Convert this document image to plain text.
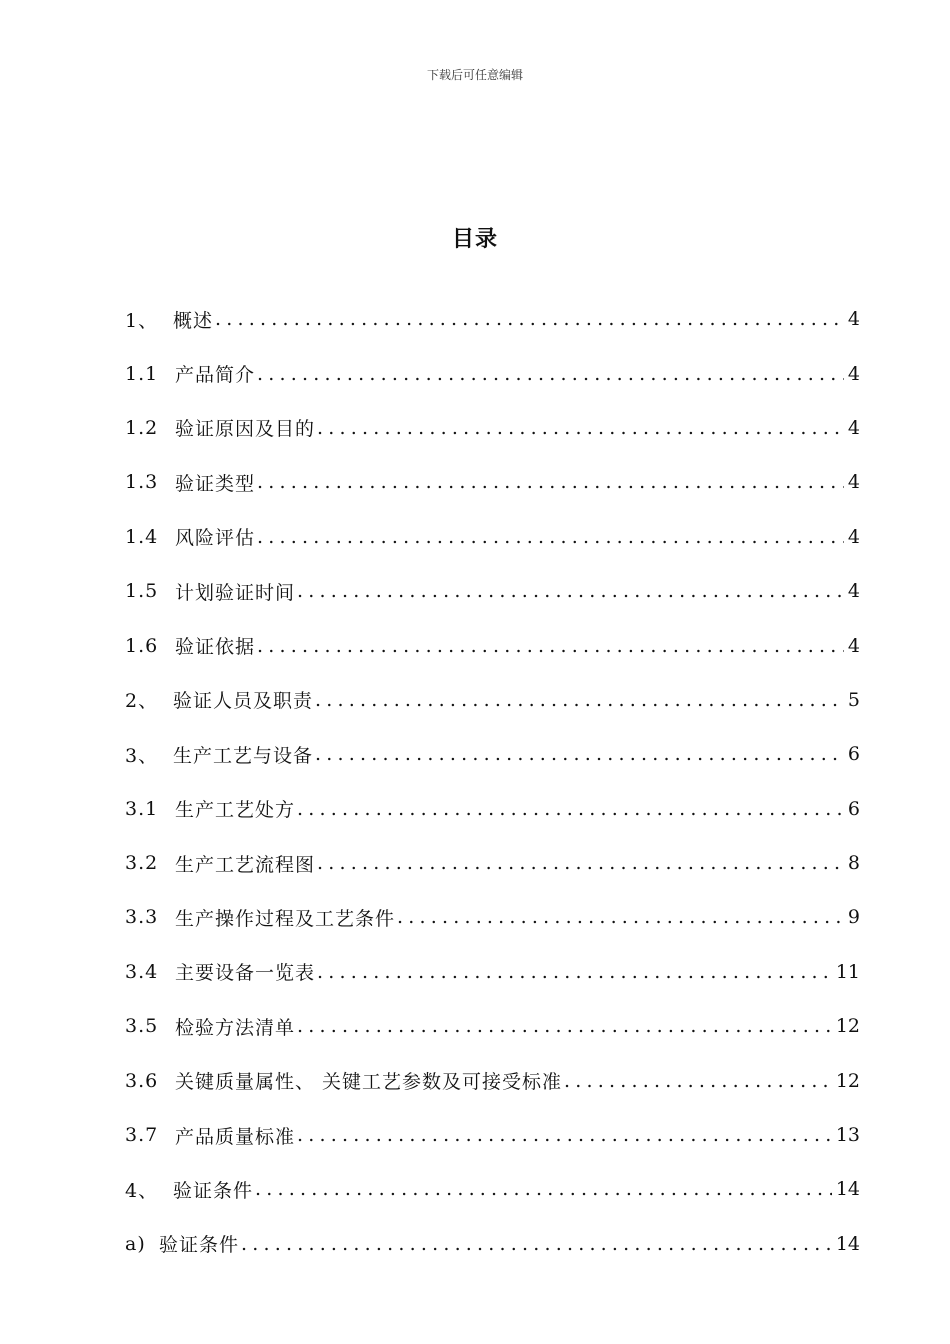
下载后可任意编辑
目录
1、 概述 .....	4
1.1 产品简介 .....	4
1.2 验证原因及目的 .....	4
1.3 验证类型 .....	4
1.4 风险评估 .....	4
1.5 计划验证时间 .....	4
1.6 验证依据 .....	4
2、 验证人员及职责 .....	5
3、 生产工艺与设备 .....	6
3.1 生产工艺处方 .....	6
3.2 生产工艺流程图 .....	8
3.3 生产操作过程及工艺条件 .....	9
3.4 主要设备一览表 .....	11
3.5 检验方法清单 .....	12
3.6 关键质量属性、 关键工艺参数及可接受标准 .....	12
3.7 产品质量标准 .....	13
4、 验证条件 .....	14
a) 验证条件 .....	14
